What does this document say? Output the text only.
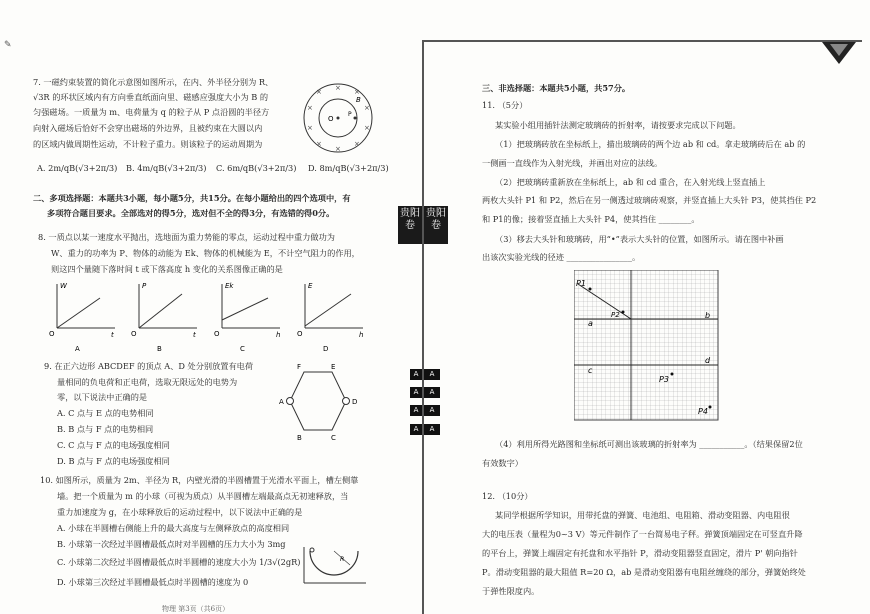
✎
7. 一磁约束装置的简化示意图如图所示，在内、外半径分别为 R、
√3R 的环状区域内有方向垂直纸面向里、磁感应强度大小为 B 的
匀强磁场。一质量为 m、电荷量为 q 的粒子从 P 点沿圆的半径方
向射入磁场后恰好不会穿出磁场的外边界，且被约束在大圆以内
的区域内做周期性运动，不计粒子重力。则该粒子的运动周期为
A. 2m/qB(√3+2π/3) B. 4m/qB(√3+2π/3) C. 6m/qB(√3+2π/3) D. 8m/qB(√3+2π/3)
× × ×
×	×
×	×
×
×
×
O
P
B
二、多项选择题：本题共3小题，每小题5分，共15分。在每小题给出的四个选项中，有
多项符合题目要求。全部选对的得5分，选对但不全的得3分，有选错的得0分。
8. 一质点以某一速度水平抛出，选地面为重力势能的零点，运动过程中重力做功为
W、重力的功率为 P、物体的动能为 Ek、物体的机械能为 E，不计空气阻力的作用，
则这四个量随下落时间 t 或下落高度 h 变化的关系图像正确的是
W
t
O
A
P
t
O
B
Ek
h
O
C
E
h
O
D
9. 在正六边形 ABCDEF 的顶点 A、D 处分别放置有电荷
量相同的负电荷和正电荷，选取无限远处的电势为
零，以下说法中正确的是
A. C 点与 E 点的电势相同
B. B 点与 F 点的电势相同
C. C 点与 F 点的电场强度相同
D. B 点与 F 点的电场强度相同
F	E
A	D
B	C
10. 如图所示，质量为 2m、半径为 R，内壁光滑的半圆槽置于光滑水平面上，槽左侧靠
墙。把一个质量为 m 的小球（可视为质点）从半圆槽左端最高点无初速释放，当
重力加速度为 g，在小球释放后的运动过程中，以下说法中正确的是
A. 小球在半圆槽右侧能上升的最大高度与左侧释放点的高度相同
B. 小球第一次经过半圆槽最低点时对半圆槽的压力大小为 3mg
C. 小球第二次经过半圆槽最低点时半圆槽的速度大小为 1/3√(2gR)
D. 小球第三次经过半圆槽最低点时半圆槽的速度为 0
R
物理 第3页（共6页）
贵阳卷
贵阳卷
A	A
A	A
A	A
A	A
三、非选择题：本题共5小题，共57分。
11. （5分）
某实验小组用插针法测定玻璃砖的折射率，请按要求完成以下问题。
（1）把玻璃砖放在坐标纸上，描出玻璃砖的两个边 ab 和 cd。拿走玻璃砖后在 ab 的
一侧画一直线作为入射光线，并画出对应的法线。
（2）把玻璃砖重新放在坐标纸上，ab 和 cd 重合，在入射光线上竖直插上
两枚大头针 P1 和 P2，然后在另一侧透过玻璃砖观察，并竖直插上大头针 P3，使其挡住 P2
和 P1的像；接着竖直插上大头针 P4，使其挡住 ________。
（3）移去大头针和玻璃砖，用“•”表示大头针的位置，如图所示。请在图中补画
出该次实验光线的径迹 ________________。
P1
P2
P3
P4
a
b
c
d
（4）利用所得光路图和坐标纸可测出该玻璃的折射率为 ___________。（结果保留2位
有效数字）
12. （10分）
某同学根据所学知识，用带托盘的弹簧、电池组、电阻箱、滑动变阻器、内电阻很
大的电压表（量程为0~3 V）等元件制作了一台简易电子秤。弹簧顶端固定在可竖直升降
的平台上，弹簧上端固定有托盘和水平指针 P，滑动变阻器竖直固定，滑片 P' 朝向指针
P。滑动变阻器的最大阻值 R=20 Ω，ab 是滑动变阻器有电阻丝缠绕的部分，弹簧始终处
于弹性限度内。
